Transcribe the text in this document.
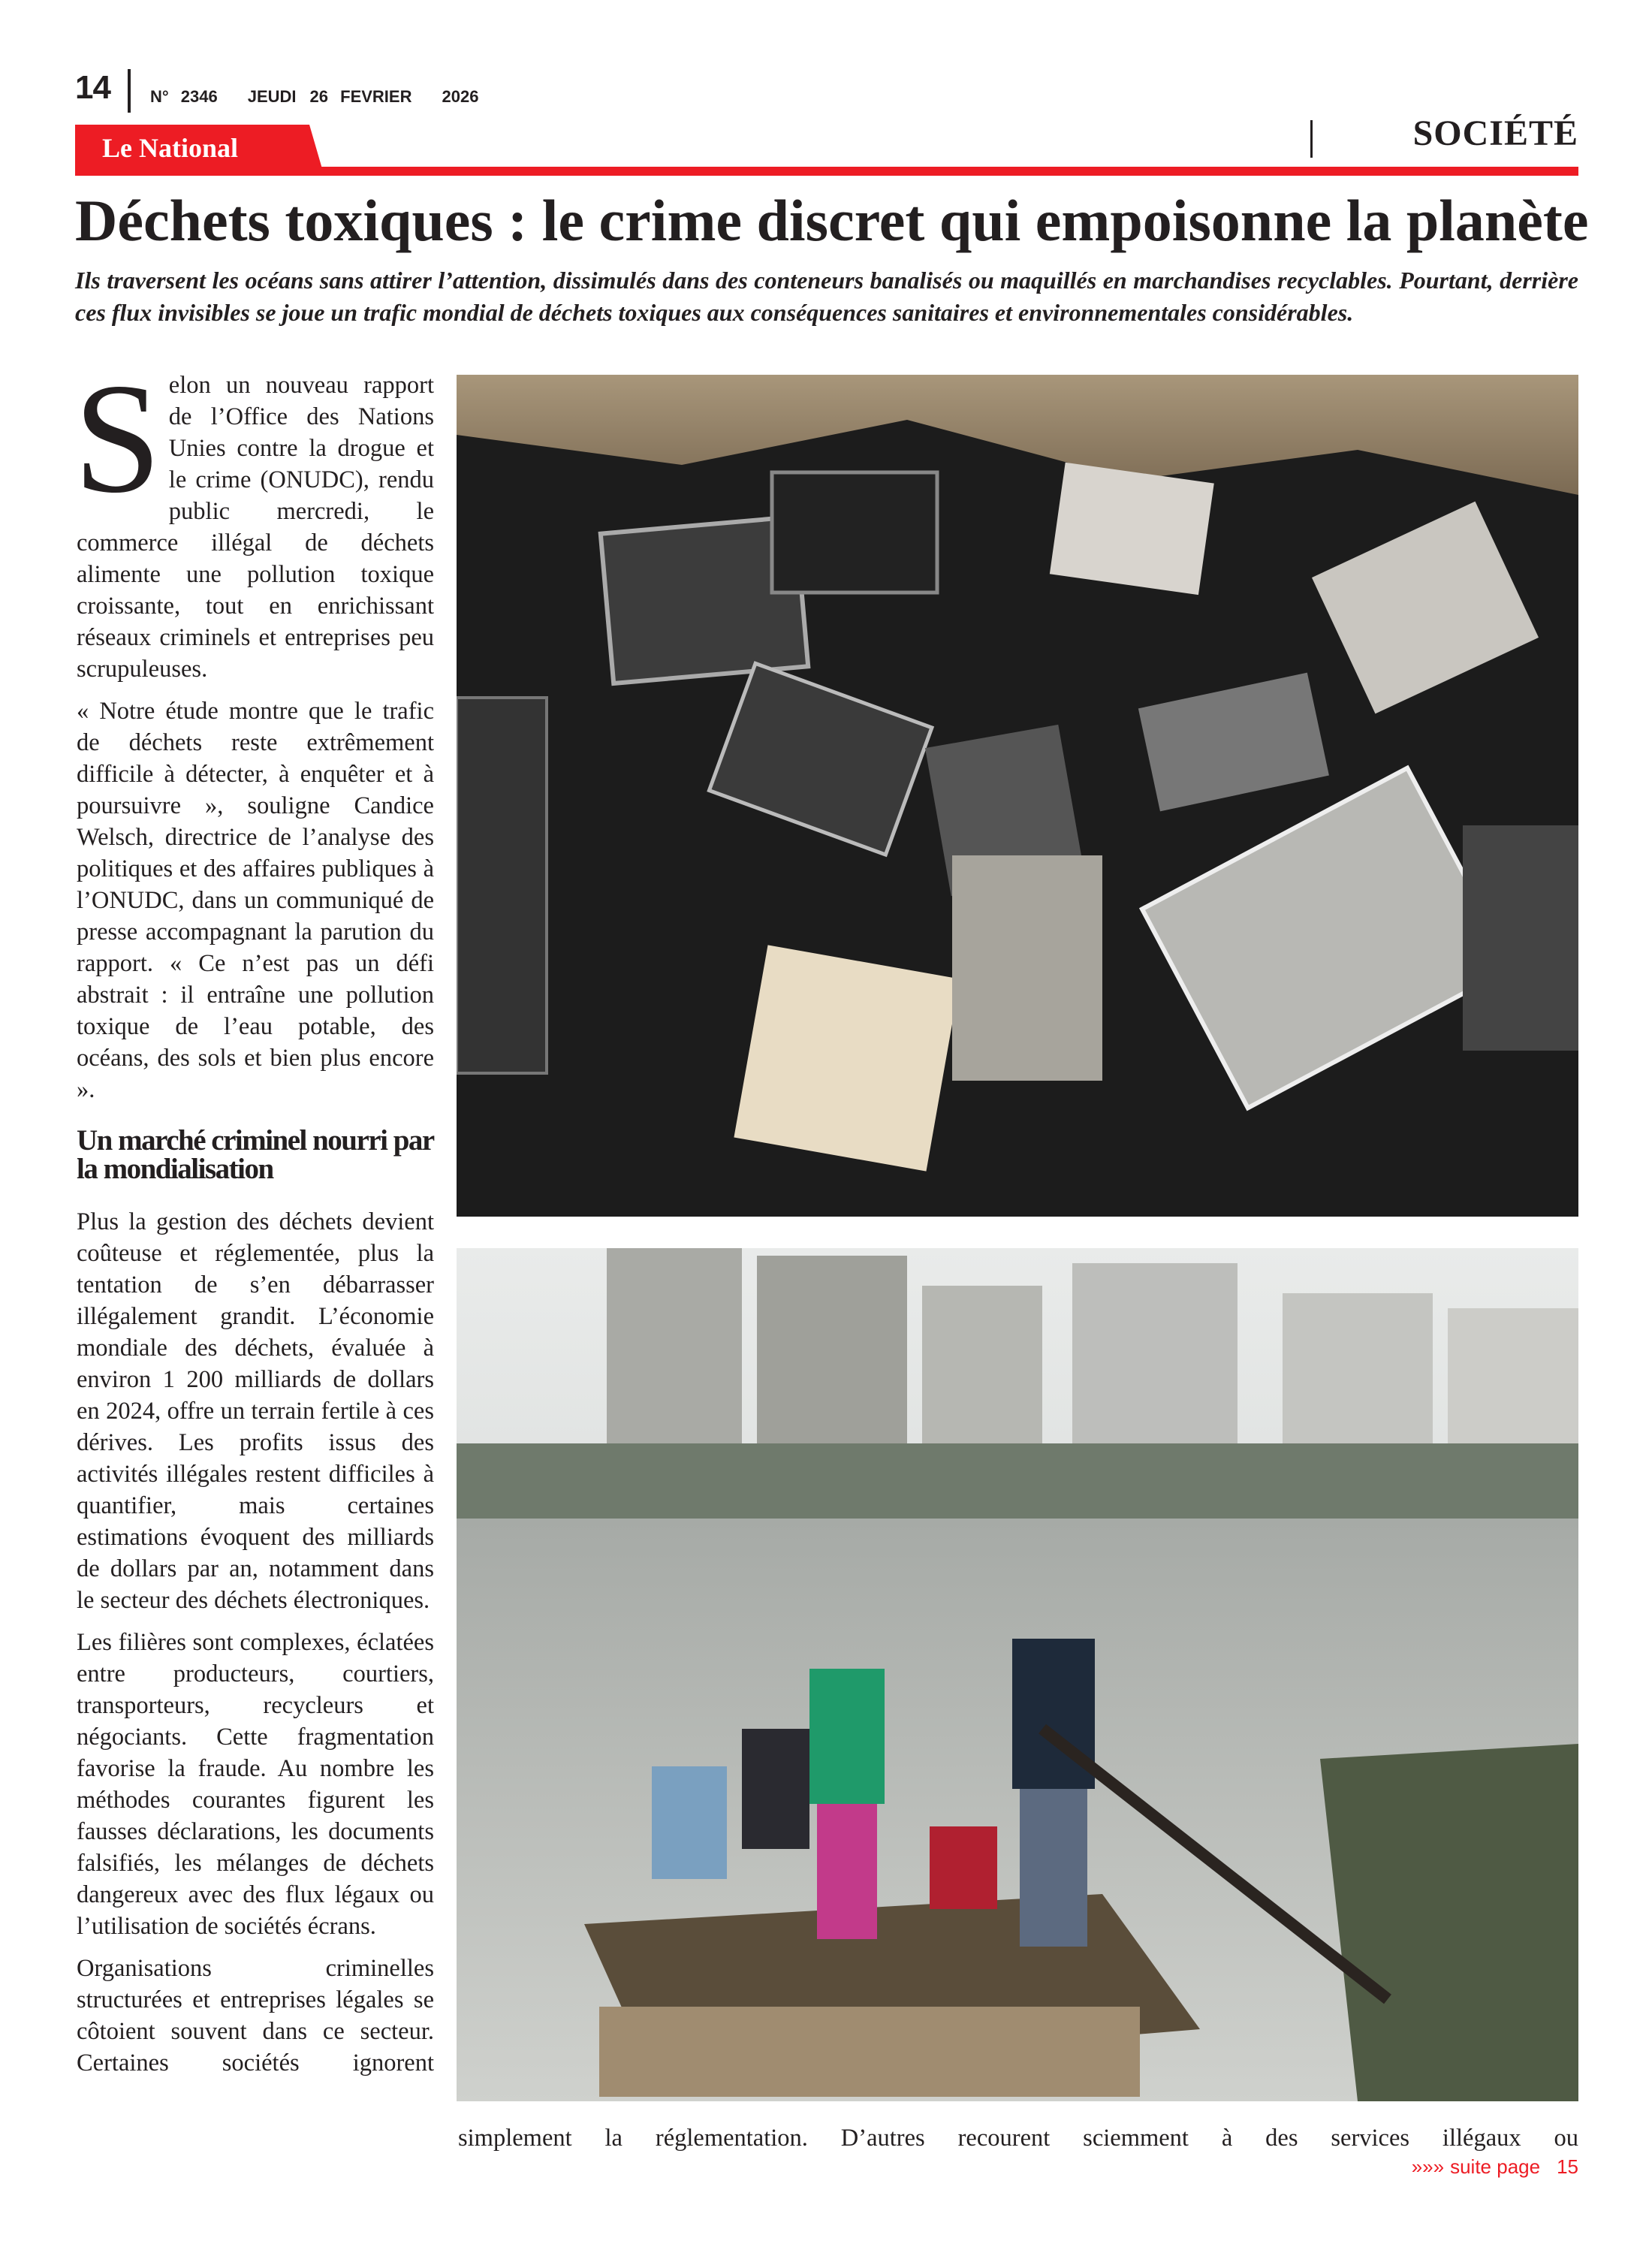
14 N° 2346 JEUDI 26 FEVRIER 2026
Le National	SOCIÉTÉ
Déchets toxiques : le crime discret qui empoisonne la planète
Ils traversent les océans sans attirer l’attention, dissimulés dans des conteneurs banalisés ou maquillés en marchandises recyclables. Pourtant, derrière ces flux invisibles se joue un trafic mondial de déchets toxiques aux conséquences sanitaires et environnementales considérables.

Selon un nouveau rapport de l’Office des Nations Unies contre la drogue et le crime (ONUDC), rendu public mercredi, le commerce illégal de déchets alimente une pollution toxique croissante, tout en enrichissant réseaux criminels et entreprises peu scrupuleuses.

« Notre étude montre que le trafic de déchets reste extrêmement difficile à détecter, à enquêter et à poursuivre », souligne Candice Welsch, directrice de l’analyse des politiques et des affaires publiques à l’ONUDC, dans un communiqué de presse accompagnant la parution du rapport. « Ce n’est pas un défi abstrait : il entraîne une pollution toxique de l’eau potable, des océans, des sols et bien plus encore ».

Un marché criminel nourri par la mondialisation

Plus la gestion des déchets devient coûteuse et réglementée, plus la tentation de s’en débarrasser illégalement grandit. L’économie mondiale des déchets, évaluée à environ 1 200 milliards de dollars en 2024, offre un terrain fertile à ces dérives. Les profits issus des activités illégales restent difficiles à quantifier, mais certaines estimations évoquent des milliards de dollars par an, notamment dans le secteur des déchets électroniques.

Les filières sont complexes, éclatées entre producteurs, courtiers, transporteurs, recycleurs et négociants. Cette fragmentation favorise la fraude. Au nombre les méthodes courantes figurent les fausses déclarations, les documents falsifiés, les mélanges de déchets dangereux avec des flux légaux ou l’utilisation de sociétés écrans.

Organisations criminelles structurées et entreprises légales se côtoient souvent dans ce secteur. Certaines sociétés ignorent

simplement la réglementation. D’autres recourent sciemment à des services illégaux ou
»»» suite page 15
